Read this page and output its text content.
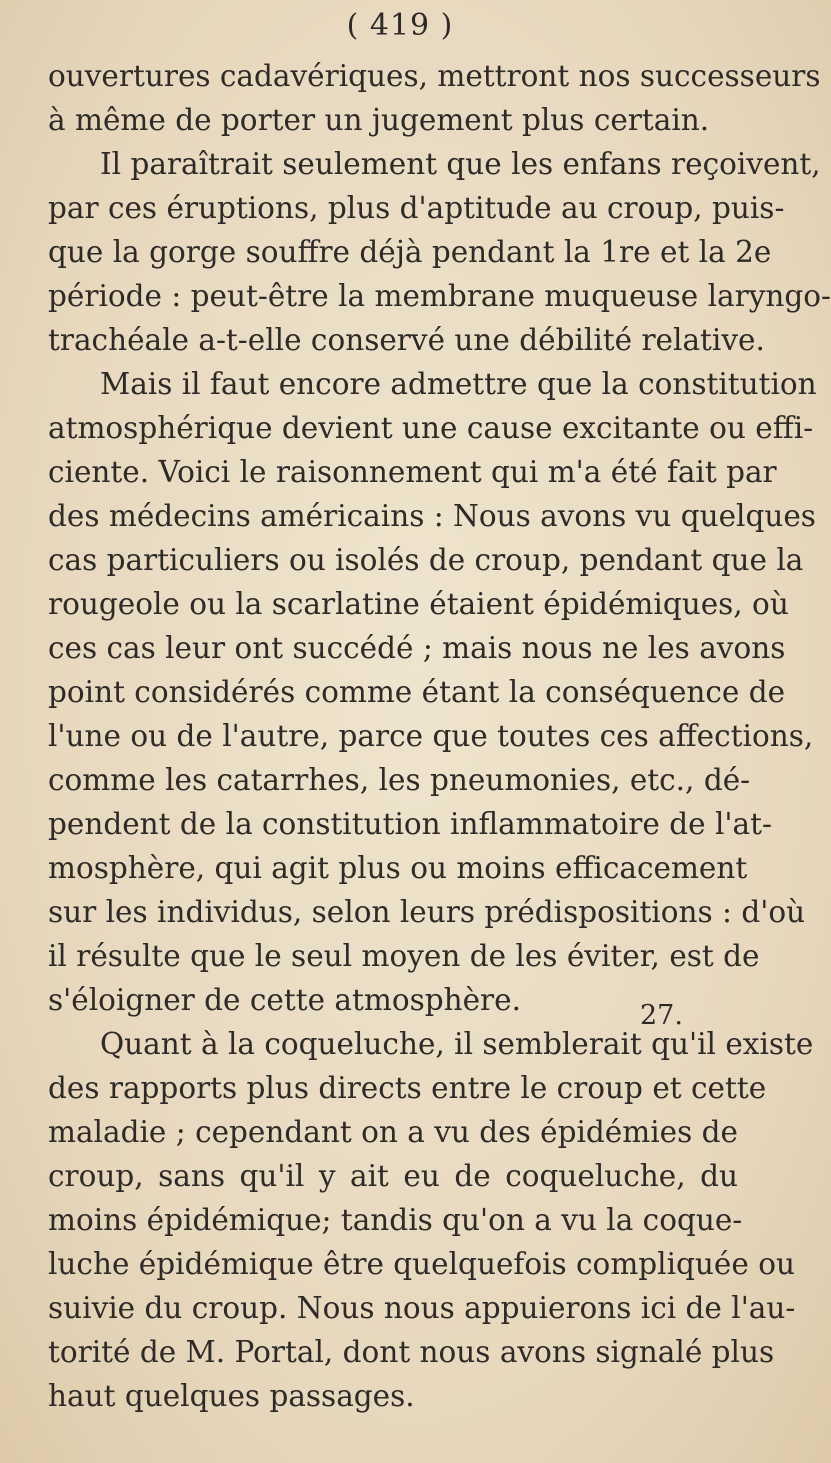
( 419 )
ouvertures cadavériques, mettront nos successeurs
à même de porter un jugement plus certain.
Il paraîtrait seulement que les enfans reçoivent,
par ces éruptions, plus d'aptitude au croup, puis-
que la gorge souffre déjà pendant la 1re et la 2e
période : peut-être la membrane muqueuse laryngo-
trachéale a-t-elle conservé une débilité relative.
Mais il faut encore admettre que la constitution
atmosphérique devient une cause excitante ou effi-
ciente. Voici le raisonnement qui m'a été fait par
des médecins américains : Nous avons vu quelques
cas particuliers ou isolés de croup, pendant que la
rougeole ou la scarlatine étaient épidémiques, où
ces cas leur ont succédé ; mais nous ne les avons
point considérés comme étant la conséquence de
l'une ou de l'autre, parce que toutes ces affections,
comme les catarrhes, les pneumonies, etc., dé-
pendent de la constitution inflammatoire de l'at-
mosphère, qui agit plus ou moins efficacement
sur les individus, selon leurs prédispositions : d'où
il résulte que le seul moyen de les éviter, est de
s'éloigner de cette atmosphère.
Quant à la coqueluche, il semblerait qu'il existe
des rapports plus directs entre le croup et cette
maladie ; cependant on a vu des épidémies de
croup, sans qu'il y ait eu de coqueluche, du
moins épidémique; tandis qu'on a vu la coque-
luche épidémique être quelquefois compliquée ou
suivie du croup. Nous nous appuierons ici de l'au-
torité de M. Portal, dont nous avons signalé plus
haut quelques passages.
27.
